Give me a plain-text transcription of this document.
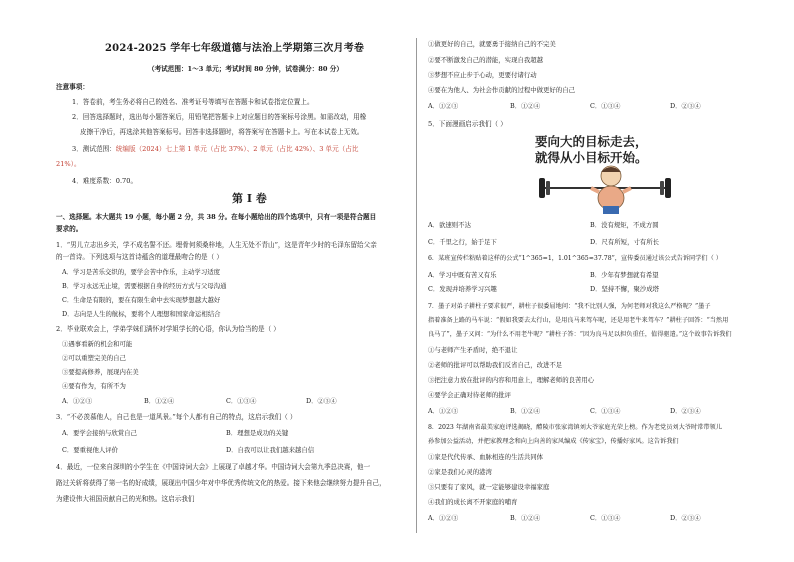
2024-2025 学年七年级道德与法治上学期第三次月考卷
（考试范围：1～3 单元；考试时间 80 分钟，试卷满分：80 分）
注意事项：
1．答卷前，考生务必将自己的姓名、准考证号等填写在答题卡和试卷指定位置上。
2．回答选择题时，选出每小题答案后，用铅笔把答题卡上对应题目的答案标号涂黑。如需改动，用橡
皮擦干净后，再选涂其他答案标号。回答非选择题时，将答案写在答题卡上。写在本试卷上无效。
3．测试范围：统编版（2024）七上第 1 单元（占比 37%）、2 单元（占比 42%）、3 单元（占比
21%）。
4．难度系数：0.70。
第 I 卷
一、选择题。本大题共 19 小题，每小题 2 分，共 38 分。在每小题给出的四个选项中，只有一项是符合题目
要求的。
1．“男儿立志出乡关，学不成名誓不还。埋骨何须桑梓地，人生无处不青山”，这是青年少时的毛泽东留给父亲
的一首诗。下列选项与这首诗蕴含的道理最吻合的是（ ）
A．学习是苦乐交织的，要学会苦中作乐，主动学习适度
B．学习永远无止境，需要根据自身的经历方式与父母沟通
C．生命是有限的，要在有限生命中去实现梦想越大越好
D．志向是人生的航标，要将个人理想和国家命运相结合
2．毕业联欢会上，学弟学妹们满怀对学姐学长的心语，你认为恰当的是（ ）
①遇事看新的机会和可能
②可以重塑完美的自己
③要提高修养，展现内在美
④要有作为，有所不为
A．①②③	B．①②④	C．①③④	D．②③④
3．“不必羡慕他人，自己也是一道风景。”每个人都有自己的特点，这启示我们（ ）
A．要学会接纳与欣赏自己	B．理想是成功的关键
C．要重视他人评价	D．自我可以让我们越来越自信
4．最近，一位来自深圳的小学生在《中国诗词大会》上展现了卓越才华。中国诗词大会第九季总决赛，他一
路过关斩将获得了第一名的好成绩，展现出中国少年对中华优秀传统文化的热爱。接下来他会继续努力提升自己，
为建设伟大祖国贡献自己的光和热。这启示我们
①做更好的自己，就要勇于接纳自己的不完美
②要不断激发自己的潜能，实现自我超越
③梦想不应止步于心动，更要付诸行动
④要在为他人、为社会作贡献的过程中做更好的自己
A．①②③	B．①②④	C．①③④	D．②③④
5．下面漫画启示我们（ ）
要向大的目标走去，
就得从小目标开始。
A．欲速则不达	B．没有规矩，不成方圆
C．千里之行，始于足下	D．尺有所短，寸有所长
6．某班宣传栏粘贴着这样的公式“1^365=1，1.01^365≈37.78”，宣传委员通过该公式告诉同学们（ ）
A．学习中既有苦又有乐	B．少年有梦想就有希望
C．发现并培养学习兴趣	D．坚持不懈，聚沙成塔
7．墨子对弟子耕柱子要求很严，耕柱子很委屈地问：“我不比别人强，为何老师对我这么严格呢？”墨子
指着准备上路的马车说：“假如我要去太行山，是用良马来驾车呢，还是用老牛来驾车？”耕柱子回答：“当然用
良马了”，墨子又问：“为什么不用老牛呢？”耕柱子答：“因为良马足以担负重任，值得驱遣。”这个故事告诉我们
①与老师产生矛盾时，绝不退让
②老师的批评可以帮助我们反省自己，改进不足
③把注意力放在批评的内容和用意上，理解老师的良苦用心
④要学会正确对待老师的批评
A．①②③	B．①②④	C．①③④	D．②③④
8．2023 年湖南省最美家庭评选揭晓，醴陵市张家湾镇刘大爷家庭光荣上榜。作为老党员刘大爷时常带领儿
孙参加公益活动，并把家教理念和向上向善的家风编成《传家宝》，传播好家风。这告诉我们
①家是代代传承、血脉相连的生活共同体
②家是我们心灵的港湾
③只要有了家风，就一定能够建设幸福家庭
④我们的成长离不开家庭的哺育
A．①②③	B．①②④	C．①③④	D．②③④
